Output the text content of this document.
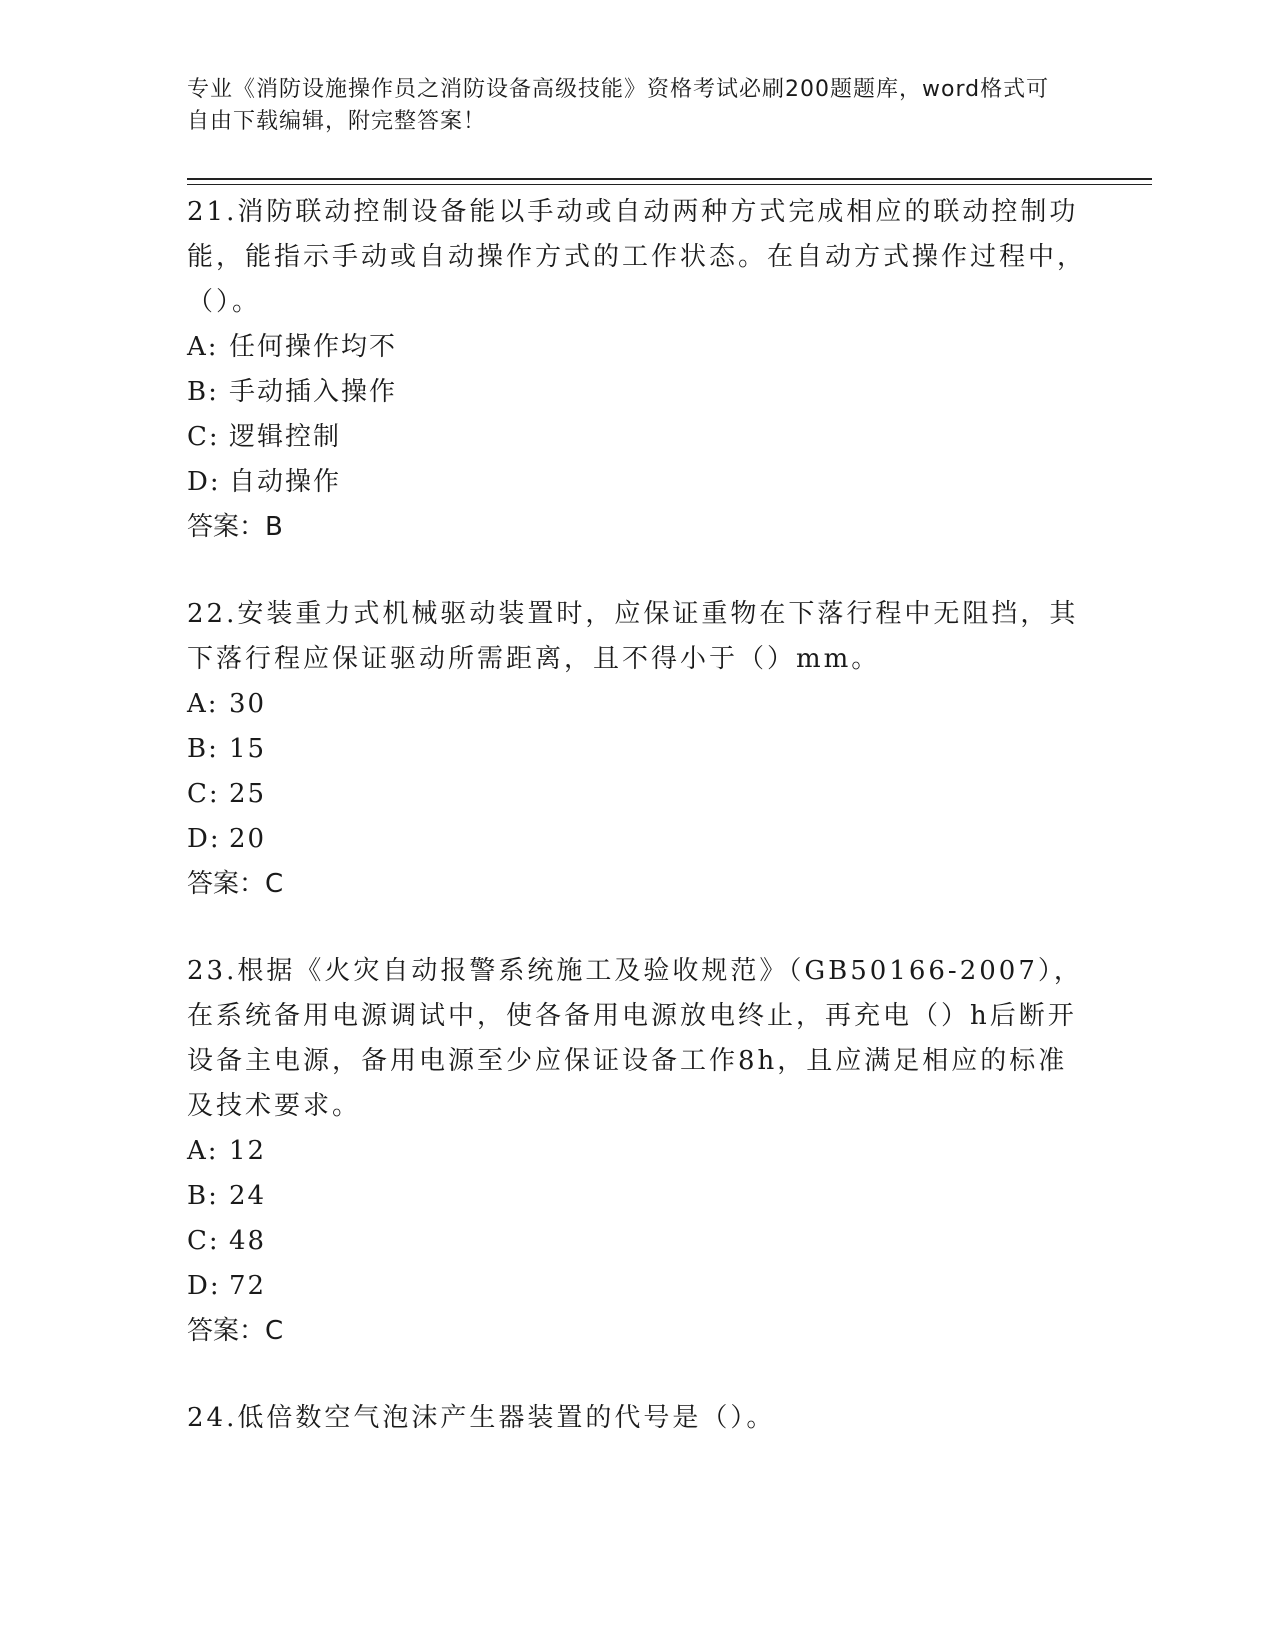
专业《消防设施操作员之消防设备高级技能》资格考试必刷200题题库，word格式可自由下载编辑，附完整答案！

21.消防联动控制设备能以手动或自动两种方式完成相应的联动控制功能，能指示手动或自动操作方式的工作状态。在自动方式操作过程中，（）。

A: 任何操作均不

B: 手动插入操作

C: 逻辑控制

D: 自动操作

答案：B

22.安装重力式机械驱动装置时，应保证重物在下落行程中无阻挡，其下落行程应保证驱动所需距离，且不得小于（）mm。

A: 30

B: 15

C: 25

D: 20

答案：C

23.根据《火灾自动报警系统施工及验收规范》（GB50166-2007），在系统备用电源调试中，使各备用电源放电终止，再充电（）h后断开设备主电源，备用电源至少应保证设备工作8h，且应满足相应的标准及技术要求。

A: 12

B: 24

C: 48

D: 72

答案：C

24.低倍数空气泡沫产生器装置的代号是（）。
